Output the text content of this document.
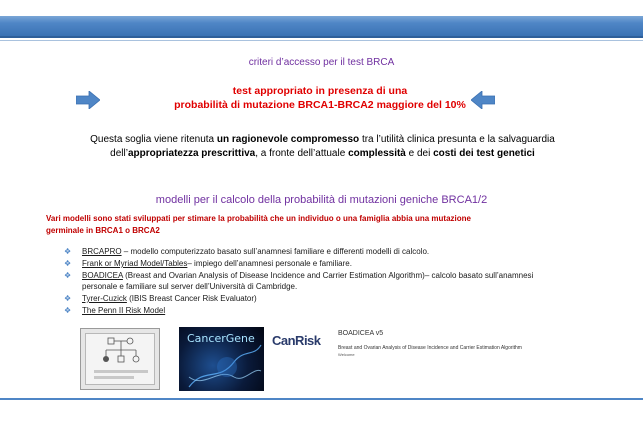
criteri d’accesso per il test BRCA
test appropriato in presenza di una
probabilità di mutazione BRCA1-BRCA2 maggiore del 10%
Questa soglia viene ritenuta un ragionevole compromesso tra l’utilità clinica presunta e la salvaguardia
dell’appropriatezza prescrittiva, a fronte dell’attuale complessità e dei costi dei test genetici
modelli per il calcolo della probabilità di mutazioni geniche BRCA1/2
Vari modelli sono stati sviluppati per stimare la probabilità che un individuo o una famiglia abbia una mutazione
germinale in BRCA1 o BRCA2
❖ BRCAPRO – modello computerizzato basato sull’anamnesi familiare e differenti modelli di calcolo.
❖ Frank or Myriad Model/Tables– impiego dell’anamnesi personale e familiare.
❖ BOADICEA (Breast and Ovarian Analysis of Disease Incidence and Carrier Estimation Algorithm)– calcolo basato sull’anamnesi personale e familiare sul server dell’Università di Cambridge.
❖ Tyrer-Cuzick (IBIS Breast Cancer Risk Evaluator)
❖ The Penn II Risk Model
CancerGene CanRisk	BOADICEA v5
Breast and Ovarian Analysis of Disease Incidence and Carrier Estimation Algorithm
Welcome
